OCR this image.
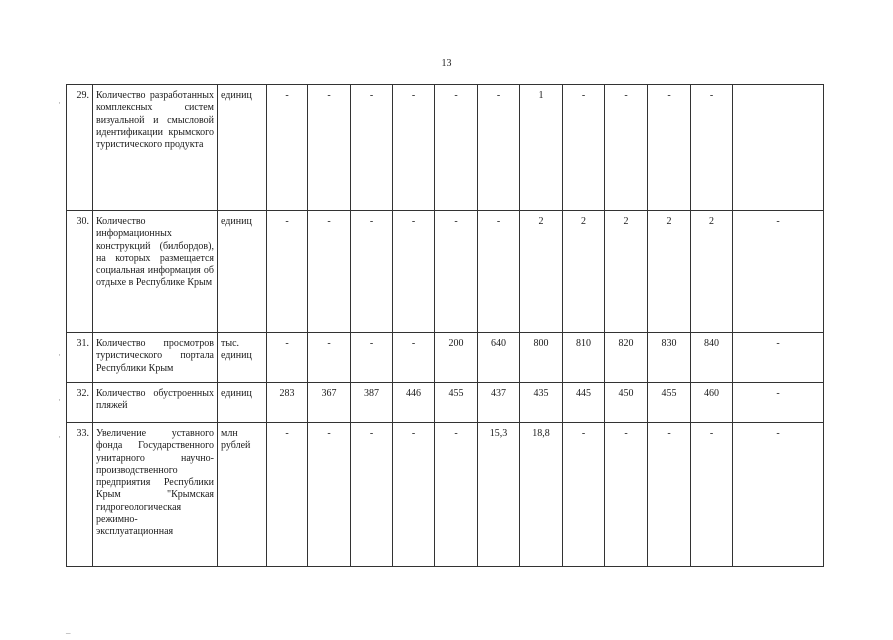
13
29.	Количество разработанных комплексных систем визуальной и смысловой идентификации крымского туристического продукта	единиц	-	-	-	-	-	-	1	-	-	-	-	
30.	Количество информационных конструкций (билбордов), на которых размещается социальная информация об отдыхе в Республике Крым	единиц	-	-	-	-	-	-	2	2	2	2	2	-
31.	Количество просмотров туристического портала Республики Крым	тыс.
единиц	-	-	-	-	200	640	800	810	820	830	840	-
32.	Количество обустроенных пляжей	единиц	283	367	387	446	455	437	435	445	450	455	460	-
33.	Увеличение уставного фонда Государственного унитарного научно-производственного предприятия Республики Крым "Крымская гидрогеологическая режимно-эксплуатационная	млн
рублей	-	-	-	-	-	15,3	18,8	-	-	-	-	-
·
·
·
·
–
